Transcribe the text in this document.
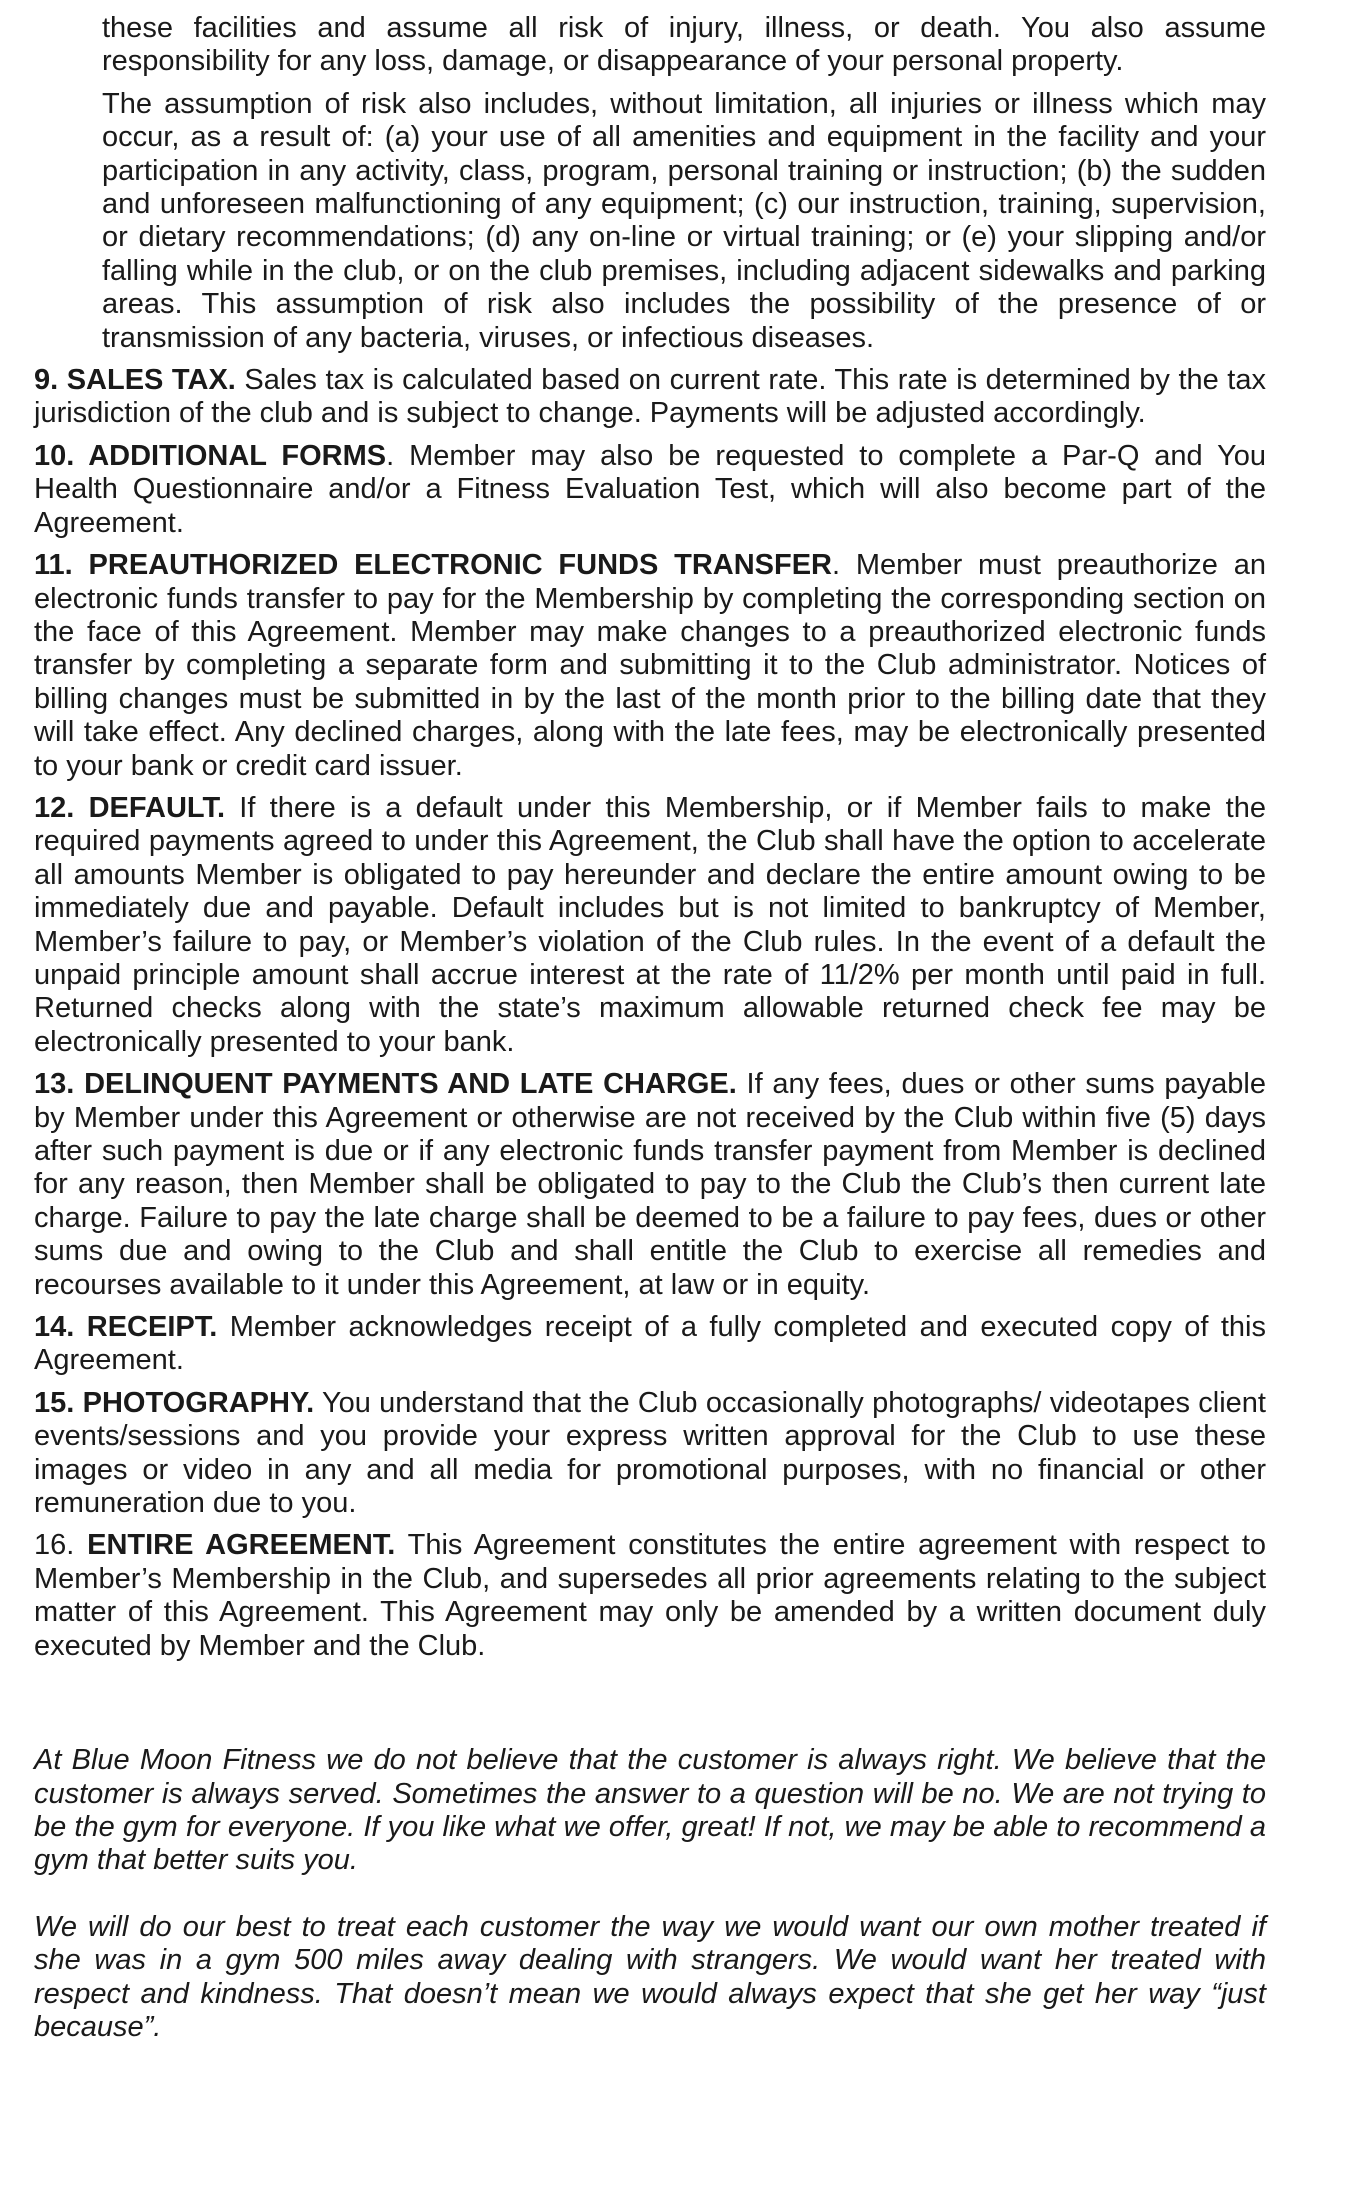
these facilities and assume all risk of injury, illness, or death. You also assume responsibility for any loss, damage, or disappearance of your personal property.

The assumption of risk also includes, without limitation, all injuries or illness which may occur, as a result of: (a) your use of all amenities and equipment in the facility and your participation in any activity, class, program, personal training or instruction; (b) the sudden and unforeseen malfunctioning of any equipment; (c) our instruction, training, supervision, or dietary recommendations; (d) any on-line or virtual training; or (e) your slipping and/or falling while in the club, or on the club premises, including adjacent sidewalks and parking areas. This assumption of risk also includes the possibility of the presence of or transmission of any bacteria, viruses, or infectious diseases.

9. SALES TAX. Sales tax is calculated based on current rate. This rate is determined by the tax jurisdiction of the club and is subject to change. Payments will be adjusted accordingly.

10. ADDITIONAL FORMS. Member may also be requested to complete a Par-Q and You Health Questionnaire and/or a Fitness Evaluation Test, which will also become part of the Agreement.

11. PREAUTHORIZED ELECTRONIC FUNDS TRANSFER. Member must preauthorize an electronic funds transfer to pay for the Membership by completing the corresponding section on the face of this Agreement. Member may make changes to a preauthorized electronic funds transfer by completing a separate form and submitting it to the Club administrator. Notices of billing changes must be submitted in by the last of the month prior to the billing date that they will take effect. Any declined charges, along with the late fees, may be electronically presented to your bank or credit card issuer.

12. DEFAULT. If there is a default under this Membership, or if Member fails to make the required payments agreed to under this Agreement, the Club shall have the option to accelerate all amounts Member is obligated to pay hereunder and declare the entire amount owing to be immediately due and payable. Default includes but is not limited to bankruptcy of Member, Member’s failure to pay, or Member’s violation of the Club rules. In the event of a default the unpaid principle amount shall accrue interest at the rate of 11/2% per month until paid in full. Returned checks along with the state’s maximum allowable returned check fee may be electronically presented to your bank.

13. DELINQUENT PAYMENTS AND LATE CHARGE. If any fees, dues or other sums payable by Member under this Agreement or otherwise are not received by the Club within five (5) days after such payment is due or if any electronic funds transfer payment from Member is declined for any reason, then Member shall be obligated to pay to the Club the Club’s then current late charge. Failure to pay the late charge shall be deemed to be a failure to pay fees, dues or other sums due and owing to the Club and shall entitle the Club to exercise all remedies and recourses available to it under this Agreement, at law or in equity.

14. RECEIPT. Member acknowledges receipt of a fully completed and executed copy of this Agreement.

15. PHOTOGRAPHY. You understand that the Club occasionally photographs/ videotapes client events/sessions and you provide your express written approval for the Club to use these images or video in any and all media for promotional purposes, with no financial or other remuneration due to you.

16. ENTIRE AGREEMENT. This Agreement constitutes the entire agreement with respect to Member’s Membership in the Club, and supersedes all prior agreements relating to the subject matter of this Agreement. This Agreement may only be amended by a written document duly executed by Member and the Club.

At Blue Moon Fitness we do not believe that the customer is always right. We believe that the customer is always served. Sometimes the answer to a question will be no. We are not trying to be the gym for everyone. If you like what we offer, great! If not, we may be able to recommend a gym that better suits you.

We will do our best to treat each customer the way we would want our own mother treated if she was in a gym 500 miles away dealing with strangers. We would want her treated with respect and kindness. That doesn’t mean we would always expect that she get her way “just because”.
